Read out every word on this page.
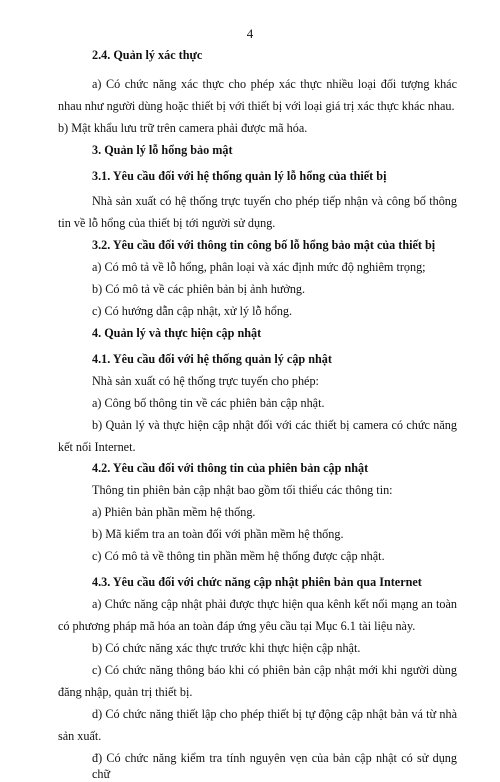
4
2.4. Quản lý xác thực
a) Có chức năng xác thực cho phép xác thực nhiều loại đối tượng khác
nhau như người dùng hoặc thiết bị với thiết bị với loại giá trị xác thực khác nhau.
b) Mật khẩu lưu trữ trên camera phải được mã hóa.
3. Quản lý lỗ hổng bảo mật
3.1. Yêu cầu đối với hệ thống quản lý lỗ hổng của thiết bị
Nhà sản xuất có hệ thống trực tuyến cho phép tiếp nhận và công bố thông
tin về lỗ hổng của thiết bị tới người sử dụng.
3.2. Yêu cầu đối với thông tin công bố lỗ hổng bảo mật của thiết bị
a) Có mô tả về lỗ hổng, phân loại và xác định mức độ nghiêm trọng;
b) Có mô tả về các phiên bản bị ảnh hưởng.
c) Có hướng dẫn cập nhật, xử lý lỗ hổng.
4. Quản lý và thực hiện cập nhật
4.1. Yêu cầu đối với hệ thống quản lý cập nhật
Nhà sản xuất có hệ thống trực tuyến cho phép:
a) Công bố thông tin về các phiên bản cập nhật.
b) Quản lý và thực hiện cập nhật đối với các thiết bị camera có chức năng
kết nối Internet.
4.2. Yêu cầu đối với thông tin của phiên bản cập nhật
Thông tin phiên bản cập nhật bao gồm tối thiểu các thông tin:
a) Phiên bản phần mềm hệ thống.
b) Mã kiểm tra an toàn đối với phần mềm hệ thống.
c) Có mô tả về thông tin phần mềm hệ thống được cập nhật.
4.3. Yêu cầu đối với chức năng cập nhật phiên bản qua Internet
a) Chức năng cập nhật phải được thực hiện qua kênh kết nối mạng an toàn
có phương pháp mã hóa an toàn đáp ứng yêu cầu tại Mục 6.1 tài liệu này.
b) Có chức năng xác thực trước khi thực hiện cập nhật.
c) Có chức năng thông báo khi có phiên bản cập nhật mới khi người dùng
đăng nhập, quản trị thiết bị.
d) Có chức năng thiết lập cho phép thiết bị tự động cập nhật bản vá từ nhà
sản xuất.
đ) Có chức năng kiểm tra tính nguyên vẹn của bản cập nhật có sử dụng chữ
